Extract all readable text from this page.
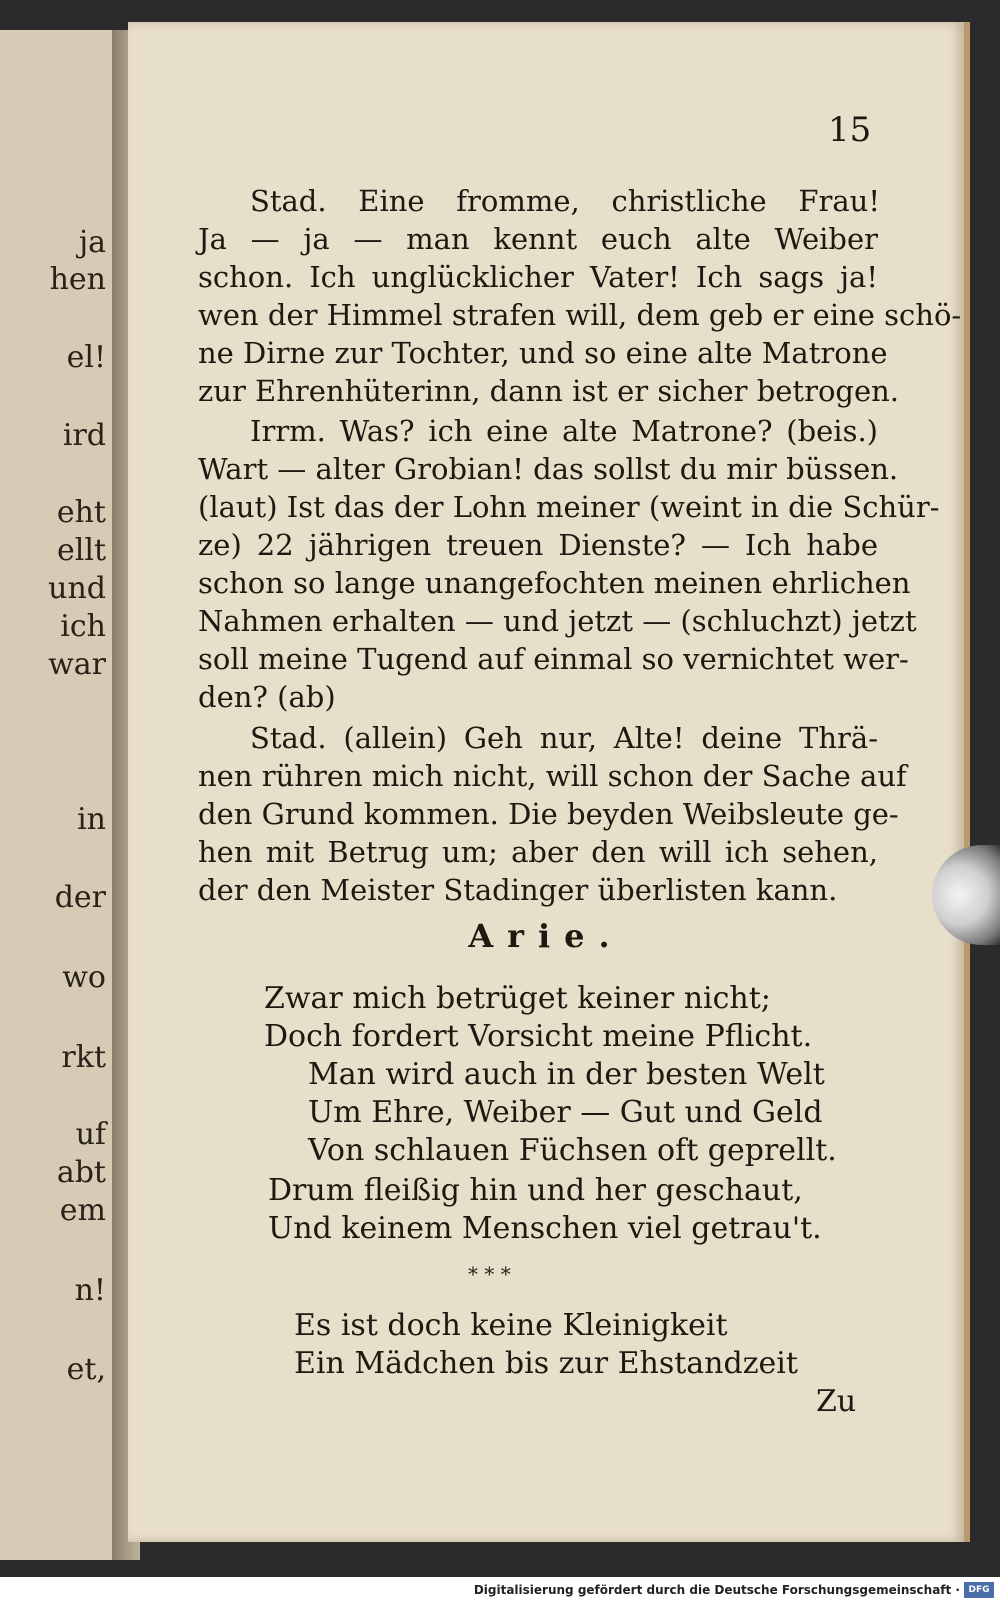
ja
hen
el!
ird
eht
ellt
und
ich
war
in
der
wo
rkt
uf
abt
em
n!
et,
15
Stad. Eine fromme, christliche Frau!
Ja — ja — man kennt euch alte Weiber
schon. Ich unglücklicher Vater! Ich sags ja!
wen der Himmel strafen will, dem geb er eine schö-
ne Dirne zur Tochter, und so eine alte Matrone
zur Ehrenhüterinn, dann ist er sicher betrogen.
Irrm. Was? ich eine alte Matrone? (beis.)
Wart — alter Grobian! das sollst du mir büssen.
(laut) Ist das der Lohn meiner (weint in die Schür-
ze) 22 jährigen treuen Dienste? — Ich habe
schon so lange unangefochten meinen ehrlichen
Nahmen erhalten — und jetzt — (schluchzt) jetzt
soll meine Tugend auf einmal so vernichtet wer-
den? (ab)
Stad. (allein) Geh nur, Alte! deine Thrä-
nen rühren mich nicht, will schon der Sache auf
den Grund kommen. Die beyden Weibsleute ge-
hen mit Betrug um; aber den will ich sehen,
der den Meister Stadinger überlisten kann.
Arie.
Zwar mich betrüget keiner nicht;
Doch fordert Vorsicht meine Pflicht.
Man wird auch in der besten Welt
Um Ehre, Weiber — Gut und Geld
Von schlauen Füchsen oft geprellt.
Drum fleißig hin und her geschaut,
Und keinem Menschen viel getrau't.
* * *
Es ist doch keine Kleinigkeit
Ein Mädchen bis zur Ehstandzeit
Zu
Digitalisierung gefördert durch die Deutsche Forschungsgemeinschaft · DFG
